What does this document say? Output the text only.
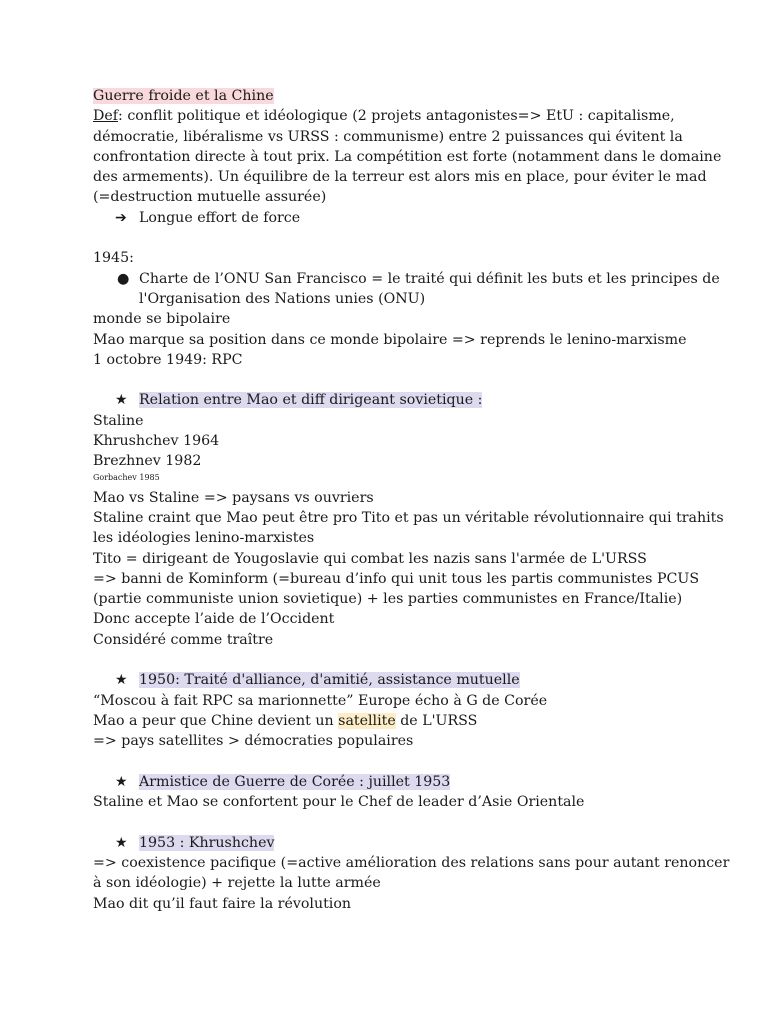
Guerre froide et la Chine
Def: conflit politique et idéologique (2 projets antagonistes=> EtU : capitalisme,
démocratie, libéralisme vs URSS : communisme) entre 2 puissances qui évitent la
confrontation directe à tout prix. La compétition est forte (notamment dans le domaine
des armements). Un équilibre de la terreur est alors mis en place, pour éviter le mad
(=destruction mutuelle assurée)
➔ Longue effort de force
1945:
● Charte de l’ONU San Francisco = le traité qui définit les buts et les principes de
l'Organisation des Nations unies (ONU)
monde se bipolaire
Mao marque sa position dans ce monde bipolaire => reprends le lenino-marxisme
1 octobre 1949: RPC
★ Relation entre Mao et diff dirigeant sovietique :
Staline
Khrushchev 1964
Brezhnev 1982
Gorbachev 1985
Mao vs Staline => paysans vs ouvriers
Staline craint que Mao peut être pro Tito et pas un véritable révolutionnaire qui trahits
les idéologies lenino-marxistes
Tito = dirigeant de Yougoslavie qui combat les nazis sans l'armée de L'URSS
=> banni de Kominform (=bureau d’info qui unit tous les partis communistes PCUS
(partie communiste union sovietique) + les parties communistes en France/Italie)
Donc accepte l’aide de l’Occident
Considéré comme traître
★ 1950: Traité d'alliance, d'amitié, assistance mutuelle
“Moscou à fait RPC sa marionnette” Europe écho à G de Corée
Mao a peur que Chine devient un satellite de L'URSS
=> pays satellites > démocraties populaires
★ Armistice de Guerre de Corée : juillet 1953
Staline et Mao se confortent pour le Chef de leader d’Asie Orientale
★ 1953 : Khrushchev
=> coexistence pacifique (=active amélioration des relations sans pour autant renoncer
à son idéologie) + rejette la lutte armée
Mao dit qu’il faut faire la révolution
